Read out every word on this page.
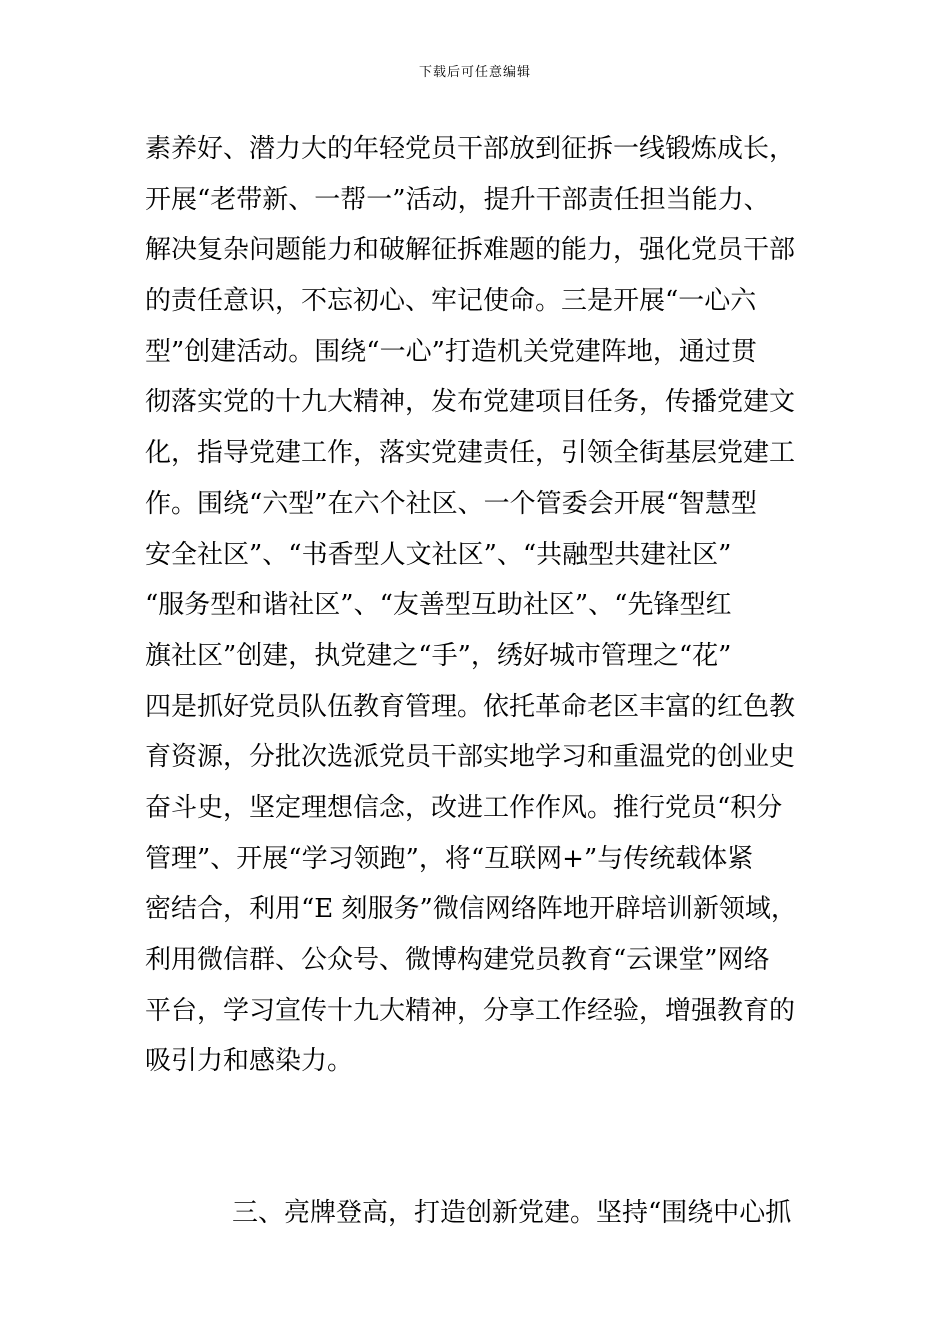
下载后可任意编辑
素养好、潜力大的年轻党员干部放到征拆一线锻炼成长，
开展“老带新、一帮一”活动，提升干部责任担当能力、
解决复杂问题能力和破解征拆难题的能力，强化党员干部
的责任意识，不忘初心、牢记使命。三是开展“一心六
型”创建活动。围绕“一心”打造机关党建阵地，通过贯
彻落实党的十九大精神，发布党建项目任务，传播党建文
化，指导党建工作，落实党建责任，引领全街基层党建工
作。围绕“六型”在六个社区、一个管委会开展“智慧型
安全社区”、“书香型人文社区”、“共融型共建社区”
“服务型和谐社区”、“友善型互助社区”、“先锋型红
旗社区”创建，执党建之“手”，绣好城市管理之“花”
四是抓好党员队伍教育管理。依托革命老区丰富的红色教
育资源，分批次选派党员干部实地学习和重温党的创业史
奋斗史，坚定理想信念，改进工作作风。推行党员“积分
管理”、开展“学习领跑”，将“互联网+”与传统载体紧
密结合，利用“E 刻服务”微信网络阵地开辟培训新领域，
利用微信群、公众号、微博构建党员教育“云课堂”网络
平台，学习宣传十九大精神，分享工作经验，增强教育的
吸引力和感染力。
三、亮牌登高，打造创新党建。坚持“围绕中心抓
